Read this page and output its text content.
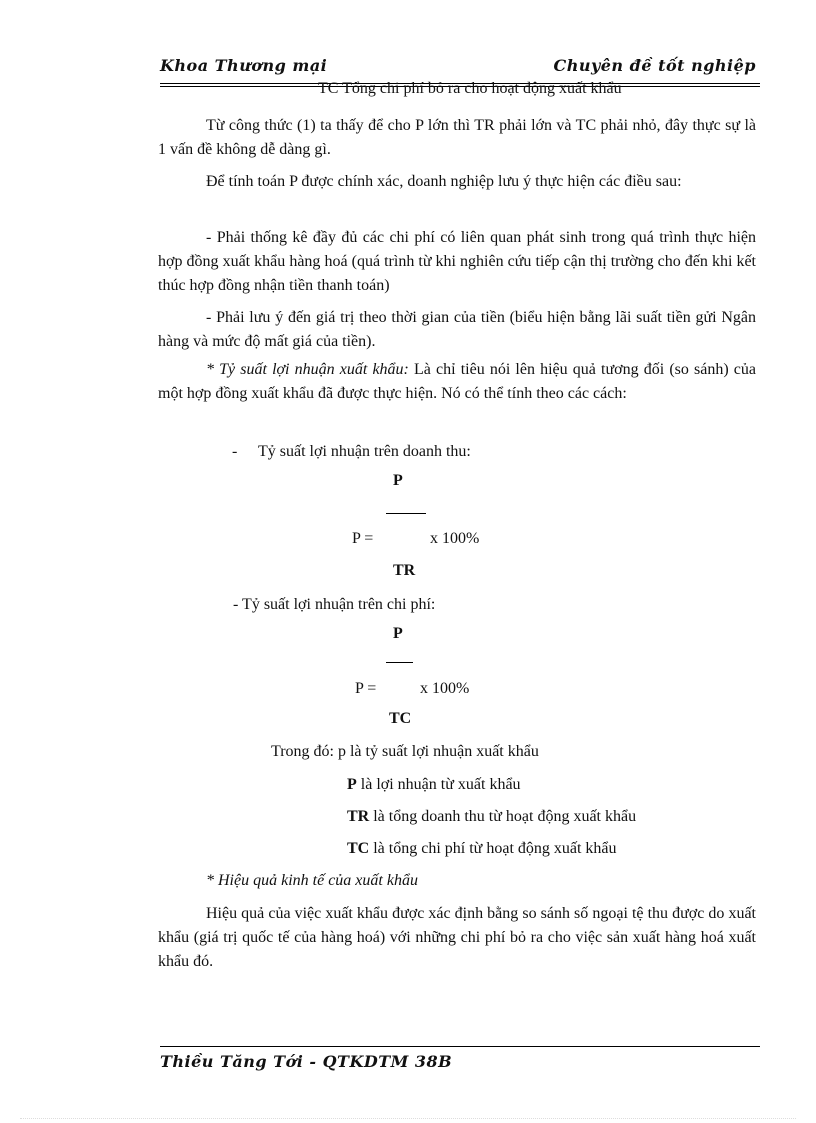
Khoa Thương mại	Chuyên đề tốt nghiệp
TC Tổng chi phí bỏ ra cho hoạt động xuất khẩu
Từ công thức (1) ta thấy để cho P lớn thì TR phải lớn và TC phải nhỏ, đây thực sự là 1 vấn đề không dễ dàng gì.
Để tính toán P được chính xác, doanh nghiệp lưu ý thực hiện các điều sau:
- Phải thống kê đầy đủ các chi phí có liên quan phát sinh trong quá trình thực hiện hợp đồng xuất khẩu hàng hoá (quá trình từ khi nghiên cứu tiếp cận thị trường cho đến khi kết thúc hợp đồng nhận tiền thanh toán)
- Phải lưu ý đến giá trị theo thời gian của tiền (biểu hiện bằng lãi suất tiền gửi Ngân hàng và mức độ mất giá của tiền).
* Tỷ suất lợi nhuận xuất khẩu: Là chỉ tiêu nói lên hiệu quả tương đối (so sánh) của một hợp đồng xuất khẩu đã được thực hiện. Nó có thể tính theo các cách:
- Tỷ suất lợi nhuận trên doanh thu:
P
P =	x 100%
TR
- Tỷ suất lợi nhuận trên chi phí:
P
P =	x 100%
TC
Trong đó: p là tỷ suất lợi nhuận xuất khẩu
P là lợi nhuận từ xuất khẩu
TR là tổng doanh thu từ hoạt động xuất khẩu
TC là tổng chi phí từ hoạt động xuất khẩu
* Hiệu quả kinh tế của xuất khẩu
Hiệu quả của việc xuất khẩu được xác định bằng so sánh số ngoại tệ thu được do xuất khẩu (giá trị quốc tế của hàng hoá) với những chi phí bỏ ra cho việc sản xuất hàng hoá xuất khẩu đó.
Thiều Tăng Tới - QTKDTM 38B
